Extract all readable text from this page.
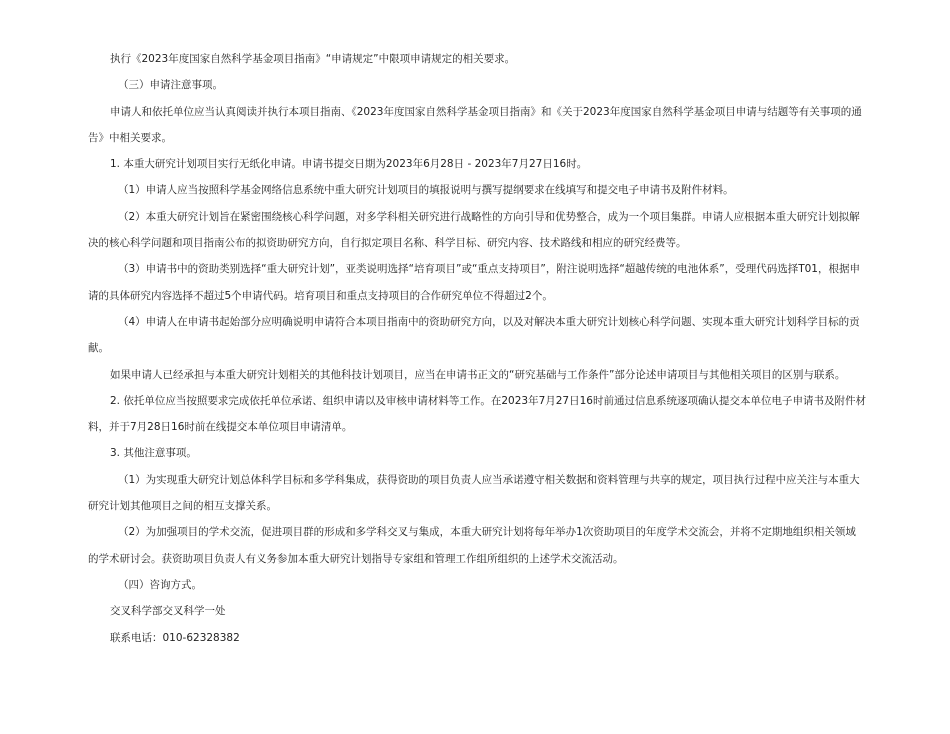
执行《2023年度国家自然科学基金项目指南》“申请规定”中限项申请规定的相关要求。

（三）申请注意事项。

申请人和依托单位应当认真阅读并执行本项目指南、《2023年度国家自然科学基金项目指南》和《关于2023年度国家自然科学基金项目申请与结题等有关事项的通告》中相关要求。

1. 本重大研究计划项目实行无纸化申请。申请书提交日期为2023年6月28日 - 2023年7月27日16时。

（1）申请人应当按照科学基金网络信息系统中重大研究计划项目的填报说明与撰写提纲要求在线填写和提交电子申请书及附件材料。

（2）本重大研究计划旨在紧密围绕核心科学问题，对多学科相关研究进行战略性的方向引导和优势整合，成为一个项目集群。申请人应根据本重大研究计划拟解决的核心科学问题和项目指南公布的拟资助研究方向，自行拟定项目名称、科学目标、研究内容、技术路线和相应的研究经费等。

（3）申请书中的资助类别选择“重大研究计划”，亚类说明选择“培育项目”或“重点支持项目”，附注说明选择“超越传统的电池体系”，受理代码选择T01，根据申请的具体研究内容选择不超过5个申请代码。培育项目和重点支持项目的合作研究单位不得超过2个。

（4）申请人在申请书起始部分应明确说明申请符合本项目指南中的资助研究方向，以及对解决本重大研究计划核心科学问题、实现本重大研究计划科学目标的贡献。

如果申请人已经承担与本重大研究计划相关的其他科技计划项目，应当在申请书正文的“研究基础与工作条件”部分论述申请项目与其他相关项目的区别与联系。

2. 依托单位应当按照要求完成依托单位承诺、组织申请以及审核申请材料等工作。在2023年7月27日16时前通过信息系统逐项确认提交本单位电子申请书及附件材料，并于7月28日16时前在线提交本单位项目申请清单。

3. 其他注意事项。

（1）为实现重大研究计划总体科学目标和多学科集成，获得资助的项目负责人应当承诺遵守相关数据和资料管理与共享的规定，项目执行过程中应关注与本重大研究计划其他项目之间的相互支撑关系。

（2）为加强项目的学术交流，促进项目群的形成和多学科交叉与集成，本重大研究计划将每年举办1次资助项目的年度学术交流会，并将不定期地组织相关领域的学术研讨会。获资助项目负责人有义务参加本重大研究计划指导专家组和管理工作组所组织的上述学术交流活动。

（四）咨询方式。

交叉科学部交叉科学一处

联系电话：010-62328382
